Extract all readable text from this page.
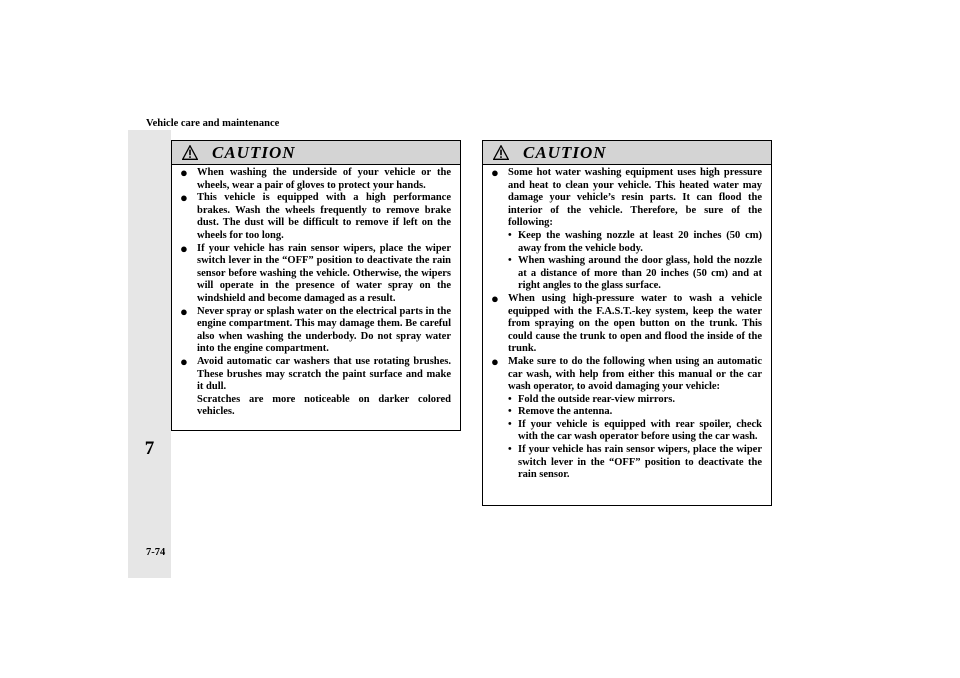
Vehicle care and maintenance
7
7-74
CAUTION
● When washing the underside of your vehicle or the wheels, wear a pair of gloves to protect your hands.
● This vehicle is equipped with a high performance brakes. Wash the wheels frequently to remove brake dust. The dust will be difficult to remove if left on the wheels for too long.
● If your vehicle has rain sensor wipers, place the wiper switch lever in the “OFF” position to deactivate the rain sensor before washing the vehicle. Otherwise, the wipers will operate in the presence of water spray on the windshield and become damaged as a result.
● Never spray or splash water on the electrical parts in the engine compartment. This may damage them. Be careful also when washing the underbody. Do not spray water into the engine compartment.
● Avoid automatic car washers that use rotating brushes. These brushes may scratch the paint surface and make it dull.
Scratches are more noticeable on darker colored vehicles.
CAUTION
● Some hot water washing equipment uses high pressure and heat to clean your vehicle. This heated water may damage your vehicle’s resin parts. It can flood the interior of the vehicle. Therefore, be sure of the following:
• Keep the washing nozzle at least 20 inches (50 cm) away from the vehicle body.
• When washing around the door glass, hold the nozzle at a distance of more than 20 inches (50 cm) and at right angles to the glass surface.
● When using high-pressure water to wash a vehicle equipped with the F.A.S.T.-key system, keep the water from spraying on the open button on the trunk. This could cause the trunk to open and flood the inside of the trunk.
● Make sure to do the following when using an automatic car wash, with help from either this manual or the car wash operator, to avoid damaging your vehicle:
• Fold the outside rear-view mirrors.
• Remove the antenna.
• If your vehicle is equipped with rear spoiler, check with the car wash operator before using the car wash.
• If your vehicle has rain sensor wipers, place the wiper switch lever in the “OFF” position to deactivate the rain sensor.
